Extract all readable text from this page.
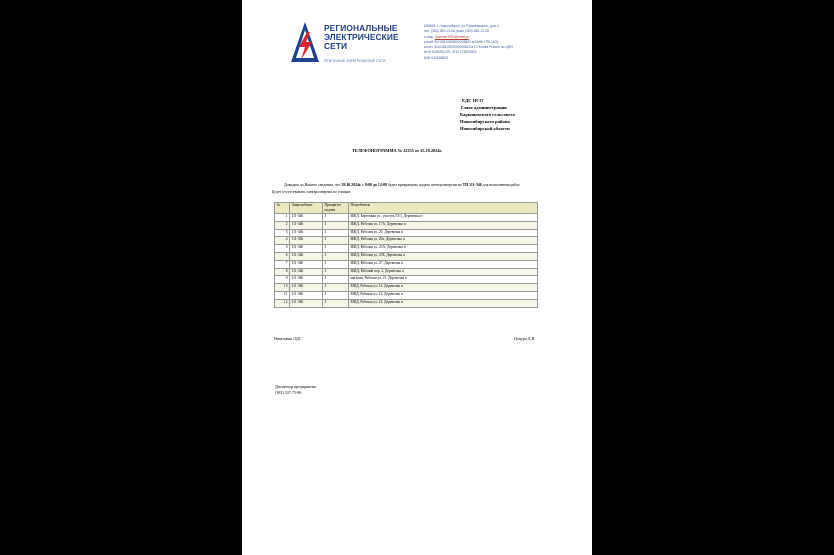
РЕГИОНАЛЬНЫЕ
ЭЛЕКТРИЧЕСКИЕ
СЕТИ
ПРИОБСКИЕ ЭЛЕКТРИЧЕСКИЕ СЕТИ
630808, г. Новосибирск, ул. Еремеевского, дом 2,
тел. (383) 289-13-28, факс (383) 289-13-28,
e-mail: Secretar.PES@eseti.ru
р/счет 40702810500000003663 в БАНК ГПБ (АО)
к/счет 30101810300000000823 в ГУ Банка России по ЦФО
ИНН 5406291470, КПП 775000001,
БИК 044525823
ЕДС НСО
Главе администрации
Барышевского сельсовета
Новосибирского района
Новосибирской области
ТЕЛЕФОНОГРАММА № 22335 от 25.10.2024г.
Доводим до Вашего сведения, что 29.10.2024г. с 9:00 до 12:00 будет прекращена подача электроэнергии на ТП 111-346 для выполнения работ.
Будет отсутствовать электроэнергия по улицам:
№	Энергообъект	Приоритет подачи	Потребитель
1	111-346	3	ИЖД, Береговая ул., участок 53/1, Деревочка п
2	111-346	3	ИЖД, Рабочая ул, 17А, Деревочка п
3	111-346	3	ИЖД, Рабочая ул, 20, Деревочка п
4	111-346	3	ИЖД, Рабочая ул, 20а, Деревочка п
5	111-346	3	ИЖД, Рабочая ул, 23А, Деревочка п
6	111-346	3	ИЖД, Рабочая ул, 25Б, Деревочка п
7	111-346	3	ИЖД, Рабочая ул, 27, Деревочка п
8	111-346	3	ИЖД, Рабочий пер, 2, Деревочка п
9	111-346	3	магазин, Рабочая ул, 21, Деревочка п
10	111-346	3	МКД, Рабочая ул, 14, Деревочка п
11	111-346	3	МКД, Рабочая ул, 21, Деревочка п
12	111-346	3	МКД, Рабочая ул, 23, Деревочка п
Начальник ОДС	Цоцура Д.В.
Диспетчер предприятия
(383) 337-75-86
